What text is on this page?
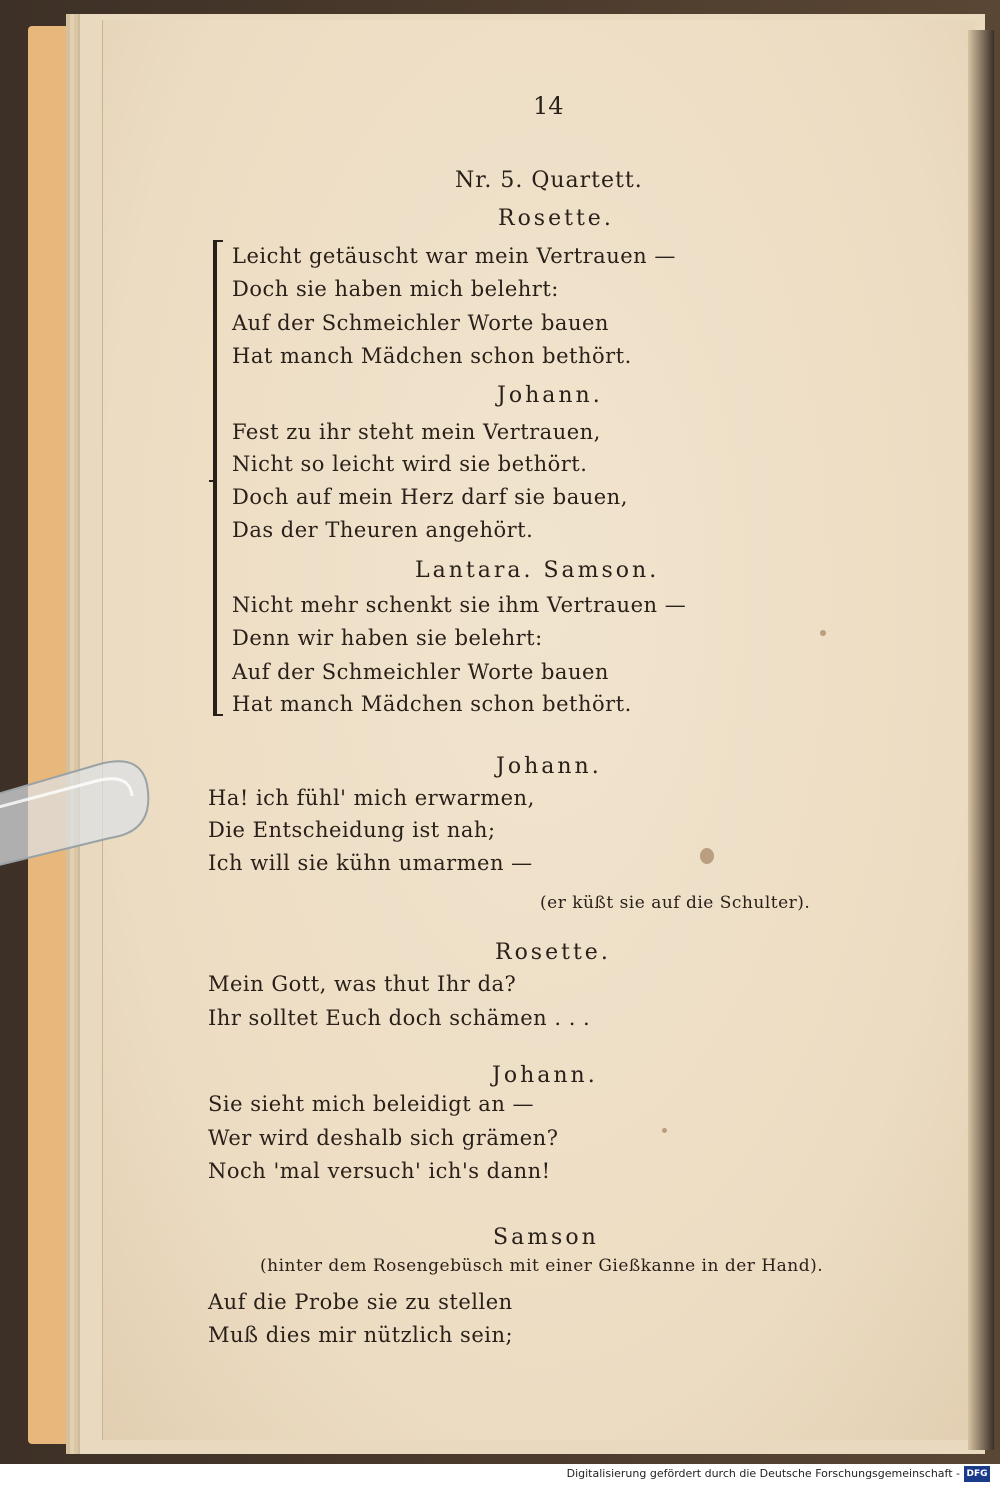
14
Nr. 5. Quartett.
Rosette.
Leicht getäuscht war mein Vertrauen —
Doch sie haben mich belehrt:
Auf der Schmeichler Worte bauen
Hat manch Mädchen schon bethört.
Johann.
Fest zu ihr steht mein Vertrauen,
Nicht so leicht wird sie bethört.
Doch auf mein Herz darf sie bauen,
Das der Theuren angehört.
Lantara. Samson.
Nicht mehr schenkt sie ihm Vertrauen —
Denn wir haben sie belehrt:
Auf der Schmeichler Worte bauen
Hat manch Mädchen schon bethört.
Johann.
Ha! ich fühl' mich erwarmen,
Die Entscheidung ist nah;
Ich will sie kühn umarmen —
(er küßt sie auf die Schulter).
Rosette.
Mein Gott, was thut Ihr da?
Ihr solltet Euch doch schämen . . .
Johann.
Sie sieht mich beleidigt an —
Wer wird deshalb sich grämen?
Noch 'mal versuch' ich's dann!
Samson
(hinter dem Rosengebüsch mit einer Gießkanne in der Hand).
Auf die Probe sie zu stellen
Muß dies mir nützlich sein;
Digitalisierung gefördert durch die Deutsche Forschungsgemeinschaft - DFG
